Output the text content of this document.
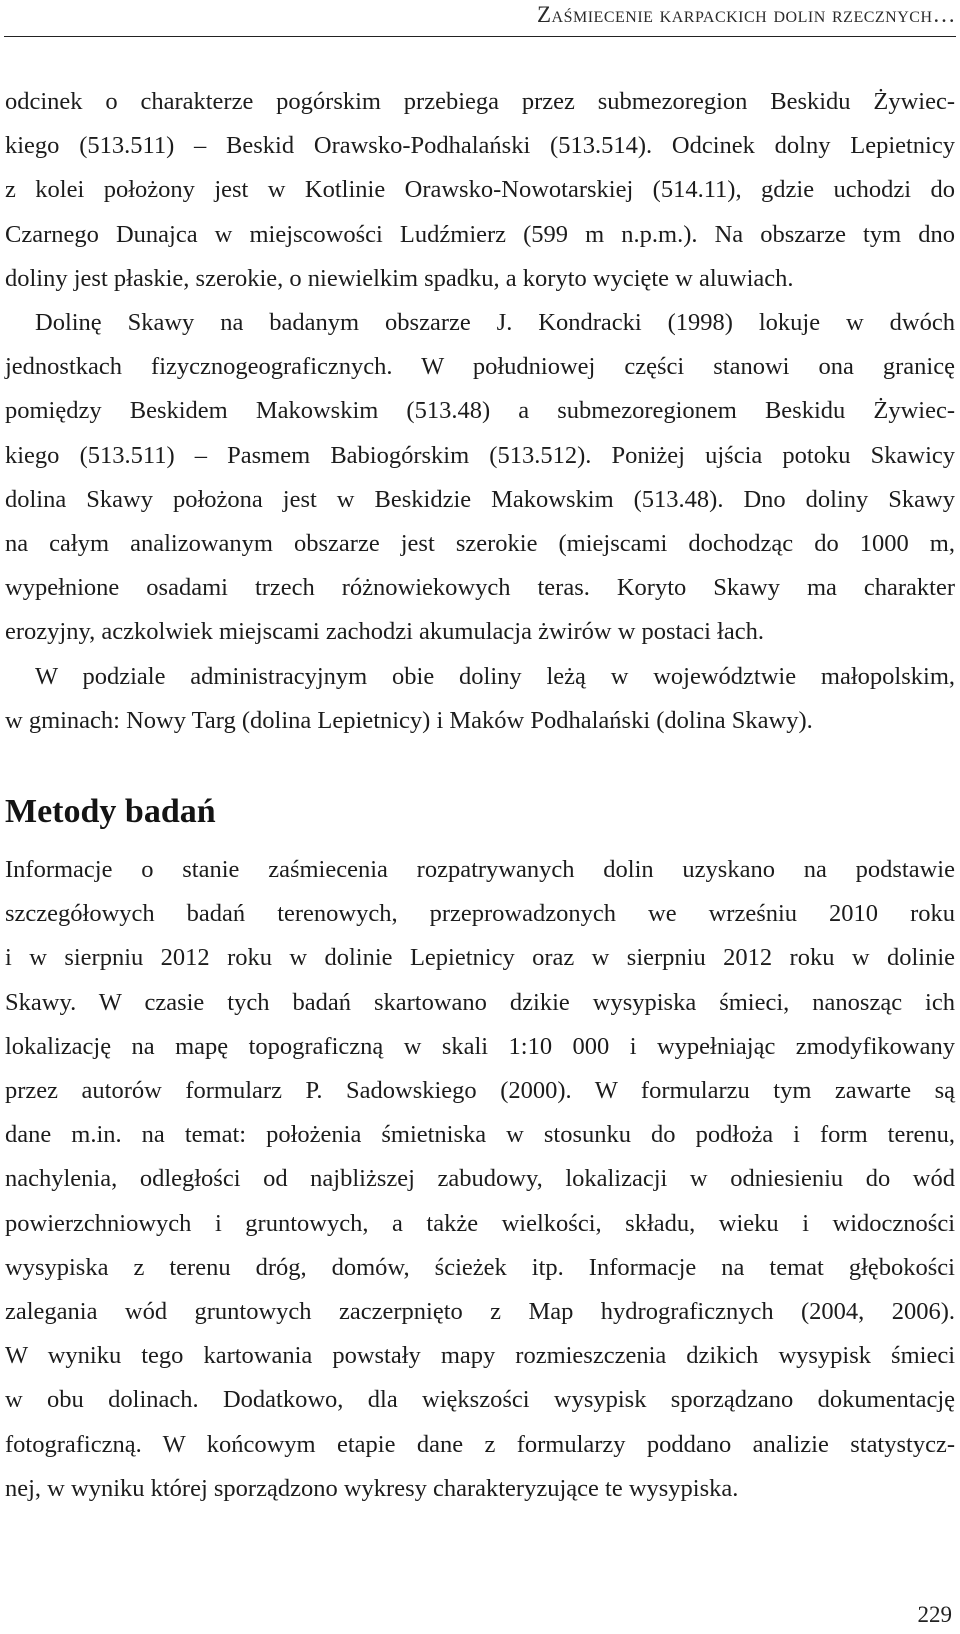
Zaśmiecenie karpackich dolin rzecznych…
odcinek o charakterze pogórskim przebiega przez submezoregion Beskidu Żywiec-
kiego (513.511) – Beskid Orawsko-Podhalański (513.514). Odcinek dolny Lepietnicy
z kolei położony jest w Kotlinie Orawsko-Nowotarskiej (514.11), gdzie uchodzi do
Czarnego Dunajca w miejscowości Ludźmierz (599 m n.p.m.). Na obszarze tym dno
doliny jest płaskie, szerokie, o niewielkim spadku, a koryto wycięte w aluwiach.
Dolinę Skawy na badanym obszarze J. Kondracki (1998) lokuje w dwóch
jednostkach fizycznogeograficznych. W południowej części stanowi ona granicę
pomiędzy Beskidem Makowskim (513.48) a submezoregionem Beskidu Żywiec-
kiego (513.511) – Pasmem Babiogórskim (513.512). Poniżej ujścia potoku Skawicy
dolina Skawy położona jest w Beskidzie Makowskim (513.48). Dno doliny Skawy
na całym analizowanym obszarze jest szerokie (miejscami dochodząc do 1000 m,
wypełnione osadami trzech różnowiekowych teras. Koryto Skawy ma charakter
erozyjny, aczkolwiek miejscami zachodzi akumulacja żwirów w postaci łach.
W podziale administracyjnym obie doliny leżą w województwie małopolskim,
w gminach: Nowy Targ (dolina Lepietnicy) i Maków Podhalański (dolina Skawy).
Metody badań
Informacje o stanie zaśmiecenia rozpatrywanych dolin uzyskano na podstawie
szczegółowych badań terenowych, przeprowadzonych we wrześniu 2010 roku
i w sierpniu 2012 roku w dolinie Lepietnicy oraz w sierpniu 2012 roku w dolinie
Skawy. W czasie tych badań skartowano dzikie wysypiska śmieci, nanosząc ich
lokalizację na mapę topograficzną w skali 1:10 000 i wypełniając zmodyfikowany
przez autorów formularz P. Sadowskiego (2000). W formularzu tym zawarte są
dane m.in. na temat: położenia śmietniska w stosunku do podłoża i form terenu,
nachylenia, odległości od najbliższej zabudowy, lokalizacji w odniesieniu do wód
powierzchniowych i gruntowych, a także wielkości, składu, wieku i widoczności
wysypiska z terenu dróg, domów, ścieżek itp. Informacje na temat głębokości
zalegania wód gruntowych zaczerpnięto z Map hydrograficznych (2004, 2006).
W wyniku tego kartowania powstały mapy rozmieszczenia dzikich wysypisk śmieci
w obu dolinach. Dodatkowo, dla większości wysypisk sporządzano dokumentację
fotograficzną. W końcowym etapie dane z formularzy poddano analizie statystycz-
nej, w wyniku której sporządzono wykresy charakteryzujące te wysypiska.
229
